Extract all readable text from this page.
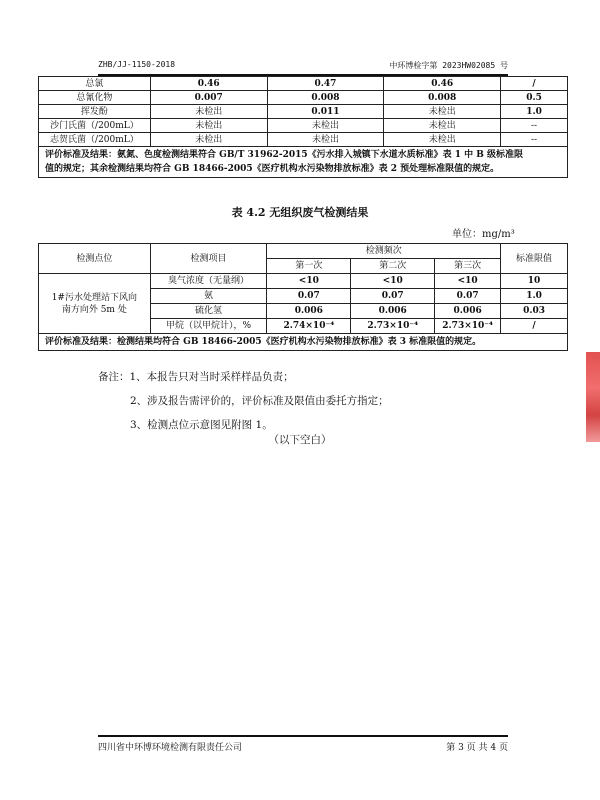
ZHB/JJ-1150-2018	中环博检字第 2023HW02085 号
总氯	0.46	0.47	0.46	/
总氰化物	0.007	0.008	0.008	0.5
挥发酚	未检出	0.011	未检出	1.0
沙门氏菌（/200mL）	未检出	未检出	未检出	--
志贺氏菌（/200mL）	未检出	未检出	未检出	--

评价标准及结果：氨氮、色度检测结果符合 GB/T 31962-2015《污水排入城镇下水道水质标准》表 1 中 B 级标准限
值的规定；其余检测结果均符合 GB 18466-2005《医疗机构水污染物排放标准》表 2 预处理标准限值的规定。				
表 4.2 无组织废气检测结果
单位：mg/m³
检测点位	检测项目	检测频次			标准限值
		第一次	第二次	第三次	

1#污水处理站下风向
南方向外 5m 处	臭气浓度（无量纲）	<10	<10	<10	10
	氨	0.07	0.07	0.07	1.0
	硫化氢	0.006	0.006	0.006	0.03
	甲烷（以甲烷计），%	2.74×10⁻⁴	2.73×10⁻⁴	2.73×10⁻⁴	/
评价标准及结果：检测结果均符合 GB 18466-2005《医疗机构水污染物排放标准》表 3 标准限值的规定。					
备注：1、本报告只对当时采样样品负责；
2、涉及报告需评价的，评价标准及限值由委托方指定；
3、检测点位示意图见附图 1。
（以下空白）
四川省中环博环境检测有限责任公司	第 3 页 共 4 页
